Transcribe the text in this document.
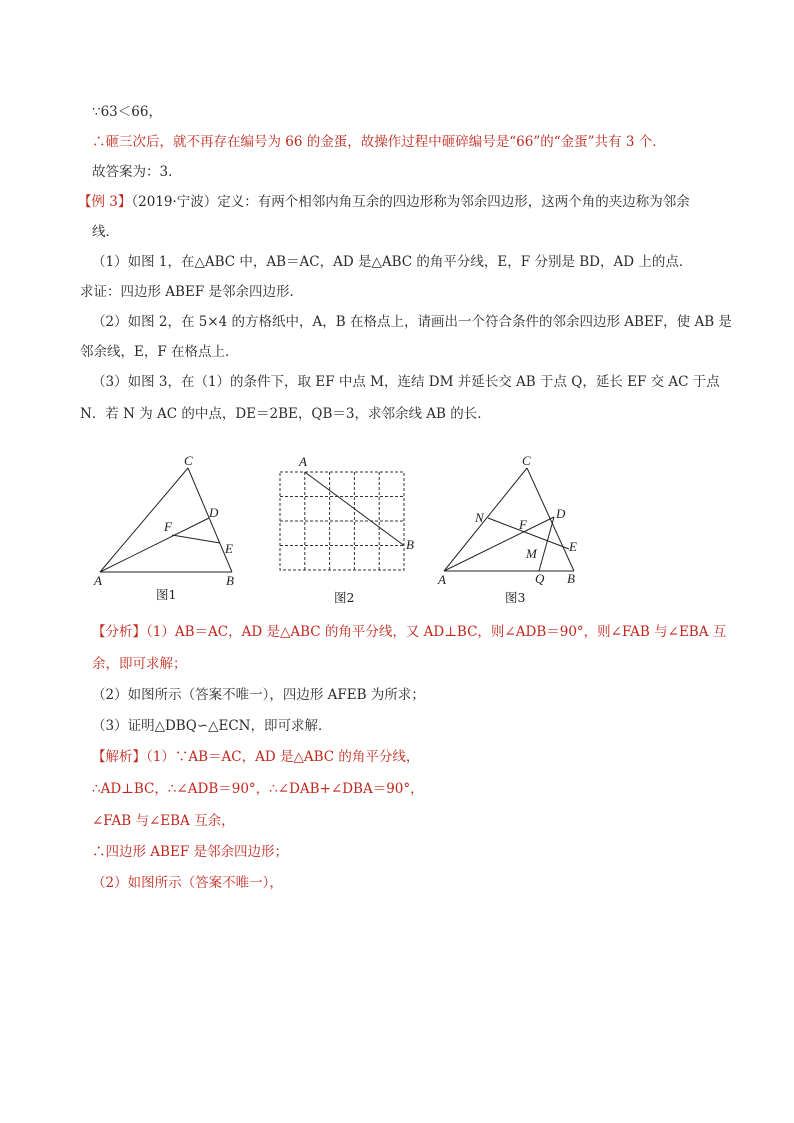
∵63＜66，
∴砸三次后，就不再存在编号为 66 的金蛋，故操作过程中砸碎编号是“66”的“金蛋”共有 3 个．
故答案为：3．
【例 3】（2019·宁波）定义：有两个相邻内角互余的四边形称为邻余四边形，这两个角的夹边称为邻余
线．
（1）如图 1，在△ABC 中，AB＝AC，AD 是△ABC 的角平分线，E，F 分别是 BD，AD 上的点．
求证：四边形 ABEF 是邻余四边形．
（2）如图 2，在 5×4 的方格纸中，A，B 在格点上，请画出一个符合条件的邻余四边形 ABEF，使 AB 是
邻余线，E，F 在格点上．
（3）如图 3，在（1）的条件下，取 EF 中点 M，连结 DM 并延长交 AB 于点 Q，延长 EF 交 AC 于点
N．若 N 为 AC 的中点，DE＝2BE，QB＝3，求邻余线 AB 的长．
C
D
F
E
A	B
图1
A
B
图2
C
N	F
D
E
M
A	Q B
图3
【分析】（1）AB＝AC，AD 是△ABC 的角平分线，又 AD⊥BC，则∠ADB＝90°，则∠FAB 与∠EBA 互
余，即可求解；
（2）如图所示（答案不唯一），四边形 AFEB 为所求；
（3）证明△DBQ∽△ECN，即可求解．
【解析】（1）∵AB＝AC，AD 是△ABC 的角平分线，
∴AD⊥BC，∴∠ADB＝90°，∴∠DAB+∠DBA＝90°，
∠FAB 与∠EBA 互余，
∴四边形 ABEF 是邻余四边形；
（2）如图所示（答案不唯一），
